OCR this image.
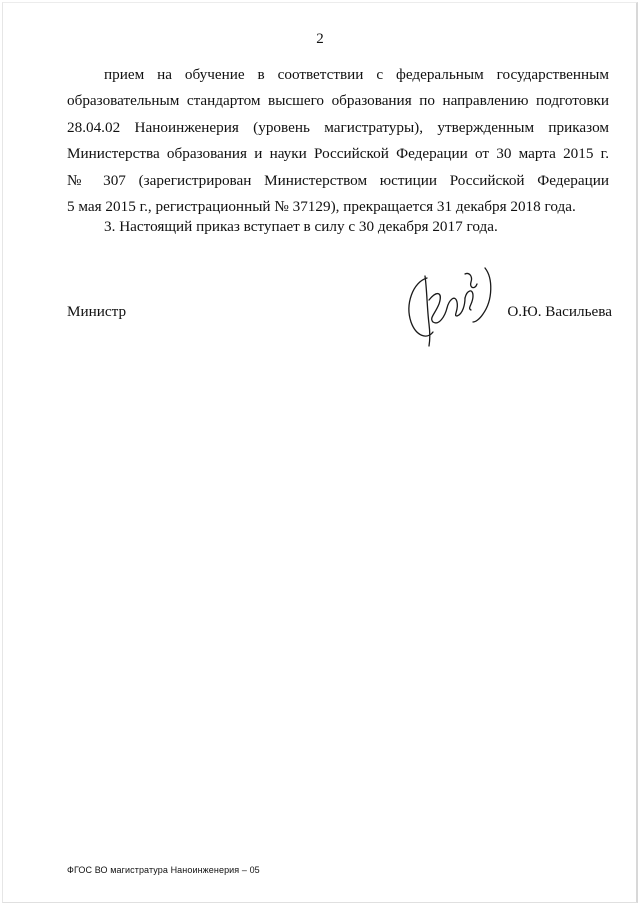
2
прием на обучение в соответствии с федеральным государственным
образовательным стандартом высшего образования по направлению подготовки
28.04.02 Наноинженерия (уровень магистратуры), утвержденным приказом
Министерства образования и науки Российской Федерации от 30 марта 2015 г.
№ 307 (зарегистрирован Министерством юстиции Российской Федерации
5 мая 2015 г., регистрационный № 37129), прекращается 31 декабря 2018 года.
3. Настоящий приказ вступает в силу с 30 декабря 2017 года.
Министр	О.Ю. Васильева
ФГОС ВО магистратура Наноинженерия – 05
